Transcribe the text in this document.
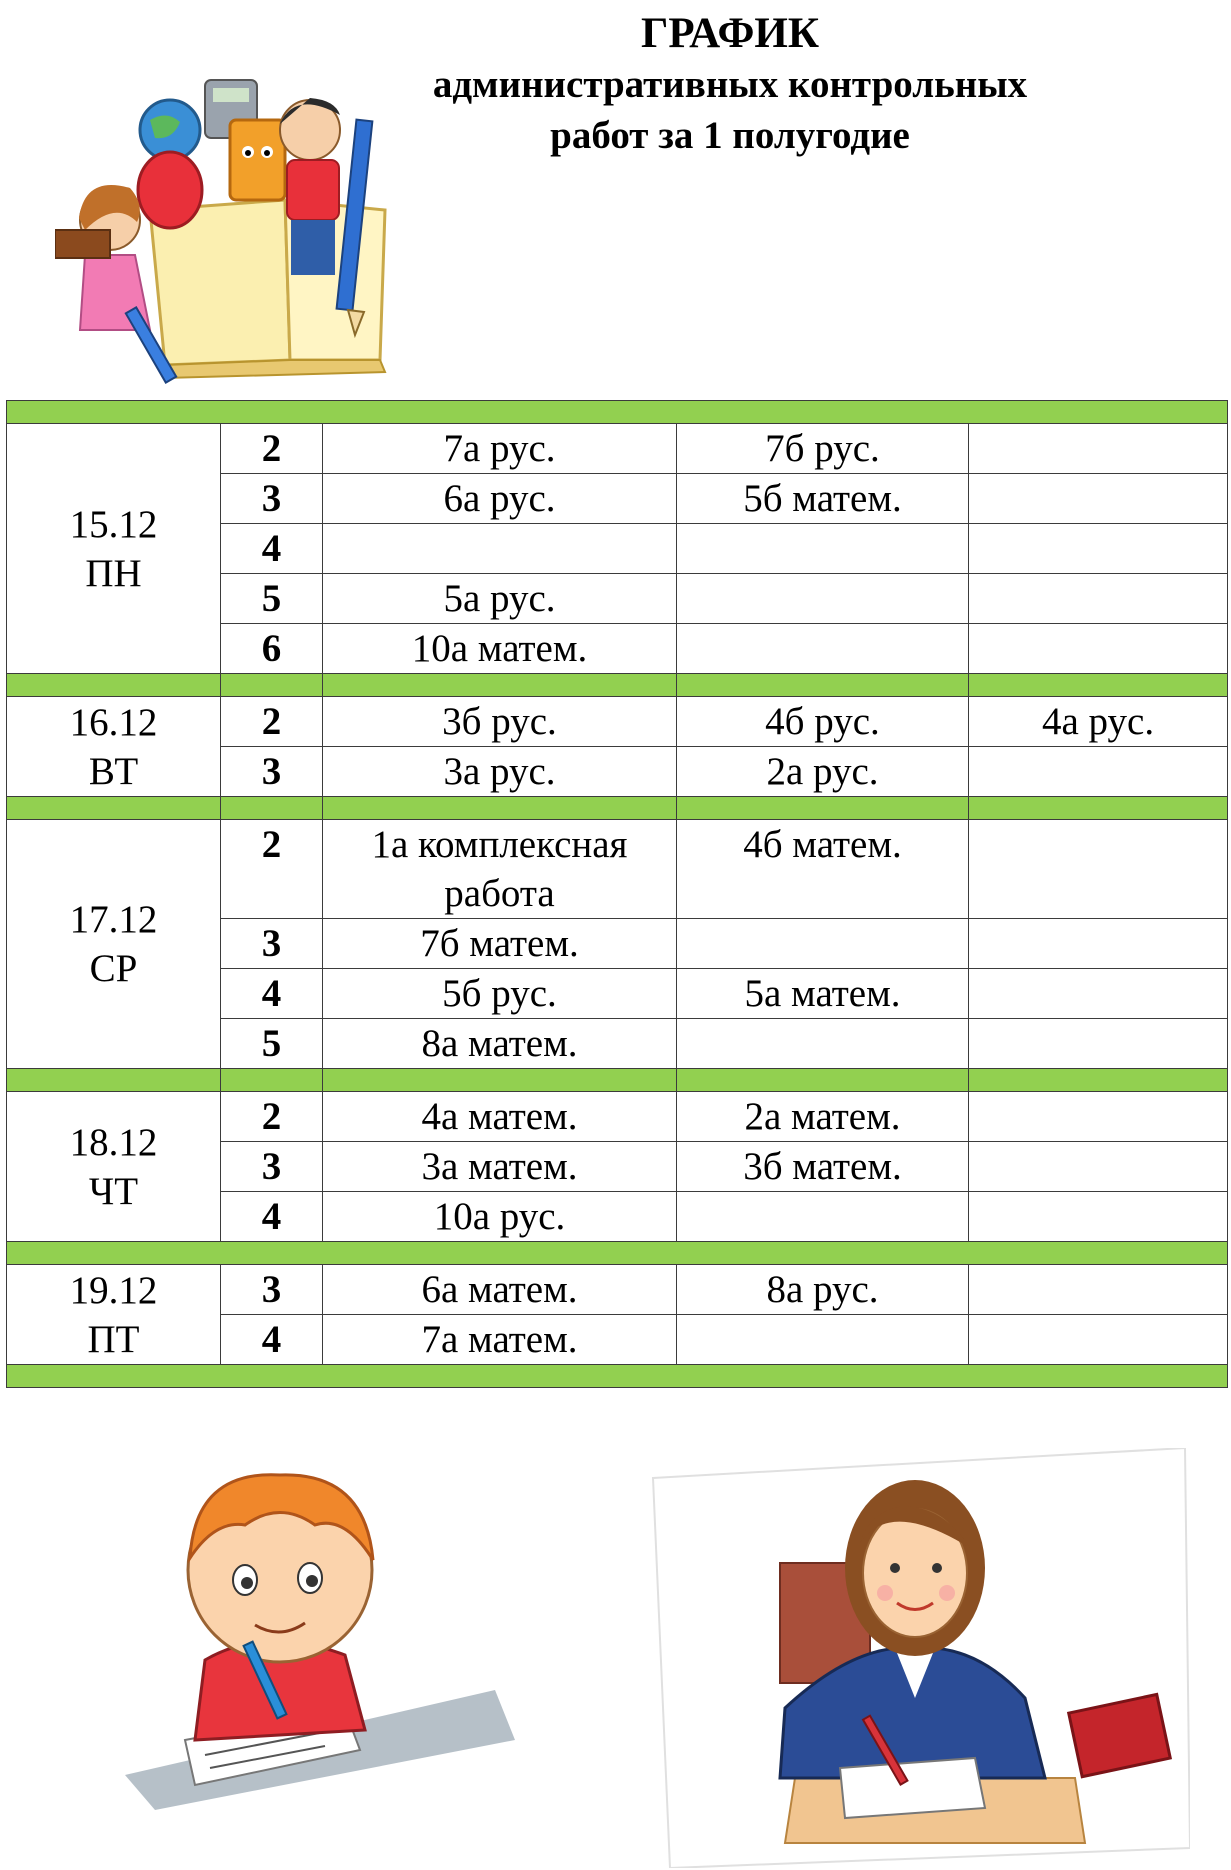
ГРАФИК
административных контрольных
работ за 1 полугодие

15.12
ПН	2	7а рус.	7б рус.	
	3	6а рус.	5б матем.	
	4			
	5	5а рус.		
	6	10а матем.		

16.12
ВТ	2	3б рус.	4б рус.	4а рус.
	3	3а рус.	2а рус.	

17.12
СР	2	1а комплексная работа	4б матем.	
	3	7б матем.		
	4	5б рус.	5а матем.	
	5	8а матем.		

18.12
ЧТ	2	4а матем.	2а матем.	
	3	3а матем.	3б матем.	
	4	10а рус.		

19.12
ПТ	3	6а матем.	8а рус.	
	4	7а матем.		
